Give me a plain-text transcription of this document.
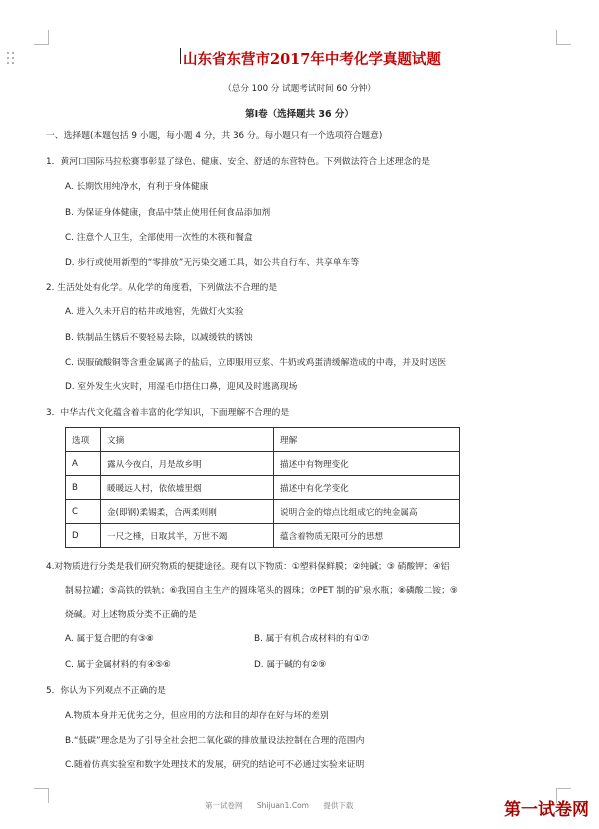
山东省东营市2017年中考化学真题试题
（总分 100 分 试题考试时间 60 分钟）
第Ⅰ卷（选择题共 36 分）
一、选择题(本题包括 9 小题，每小题 4 分，共 36 分。每小题只有一个选项符合题意)
1．黄河口国际马拉松赛事彰显了绿色、健康、安全、舒适的东营特色。下列做法符合上述理念的是
A. 长期饮用纯净水，有利于身体健康
B. 为保证身体健康，食品中禁止使用任何食品添加剂
C. 注意个人卫生，全部使用一次性的木筷和餐盒
D. 步行或使用新型的“零排放”无污染交通工具，如公共自行车、共享单车等
2. 生活处处有化学。从化学的角度看，下列做法不合理的是
A. 进入久未开启的枯井或地窖，先做灯火实验
B. 铁制品生锈后不要轻易去除，以减缓铁的锈蚀
C. 误服硫酸铜等含重金属离子的盐后，立即服用豆浆、牛奶或鸡蛋清缓解造成的中毒，并及时送医
D. 室外发生火灾时，用湿毛巾捂住口鼻，迎风及时逃离现场
3．中华古代文化蕴含着丰富的化学知识，下面理解不合理的是
选项	文摘	理解
A	露从今夜白，月是故乡明	描述中有物理变化
B	暖暖远人村，依依墟里烟	描述中有化学变化
C	金(即钢)柔锡柔，合两柔则刚	说明合金的熔点比组成它的纯金属高
D	一尺之棰，日取其半，万世不竭	蕴含着物质无限可分的思想
4.对物质进行分类是我们研究物质的便捷途径。现有以下物质：①塑料保鲜膜；②纯碱；③ 硝酸钾；④铝
制易拉罐；⑤高铁的铁轨；⑥我国自主生产的圆珠笔头的圆珠；⑦PET 制的矿泉水瓶；⑧磷酸二铵；⑨
烧碱。对上述物质分类不正确的是
A. 属于复合肥的有③⑧	B. 属于有机合成材料的有①⑦
C. 属于金属材料的有④⑤⑥	D. 属于碱的有②⑨
5．你认为下列观点不正确的是
A.物质本身并无优劣之分，但应用的方法和目的却存在好与坏的差别
B.“低碳”理念是为了引导全社会把二氧化碳的排放量设法控制在合理的范围内
C.随着仿真实验室和数字处理技术的发展，研究的结论可不必通过实验来证明
第一试卷网 Shijuan1.Com 提供下载	第一试卷网
